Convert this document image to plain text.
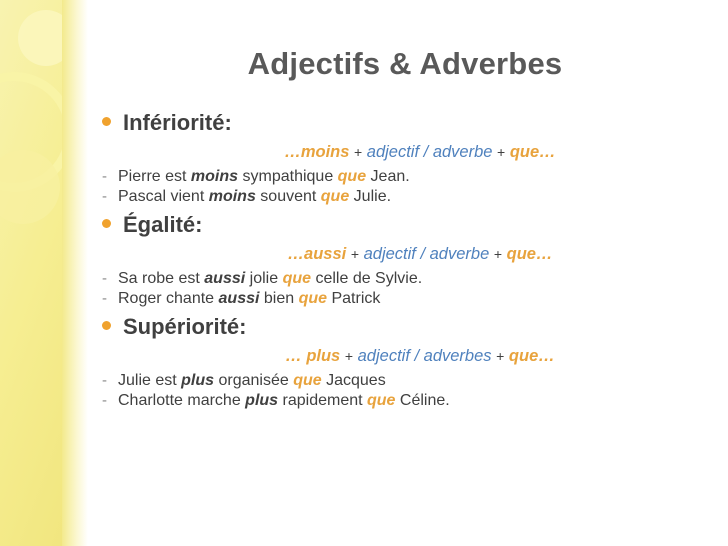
Adjectifs & Adverbes
Infériorité:
…moins + adjectif / adverbe + que…
- Pierre est moins sympathique que Jean.
- Pascal vient moins souvent que Julie.
Égalité:
…aussi + adjectif / adverbe + que…
- Sa robe est aussi jolie que celle de Sylvie.
- Roger chante aussi bien que Patrick
Supériorité:
… plus + adjectif / adverbes + que…
- Julie est plus organisée que Jacques
- Charlotte marche plus rapidement que Céline.
